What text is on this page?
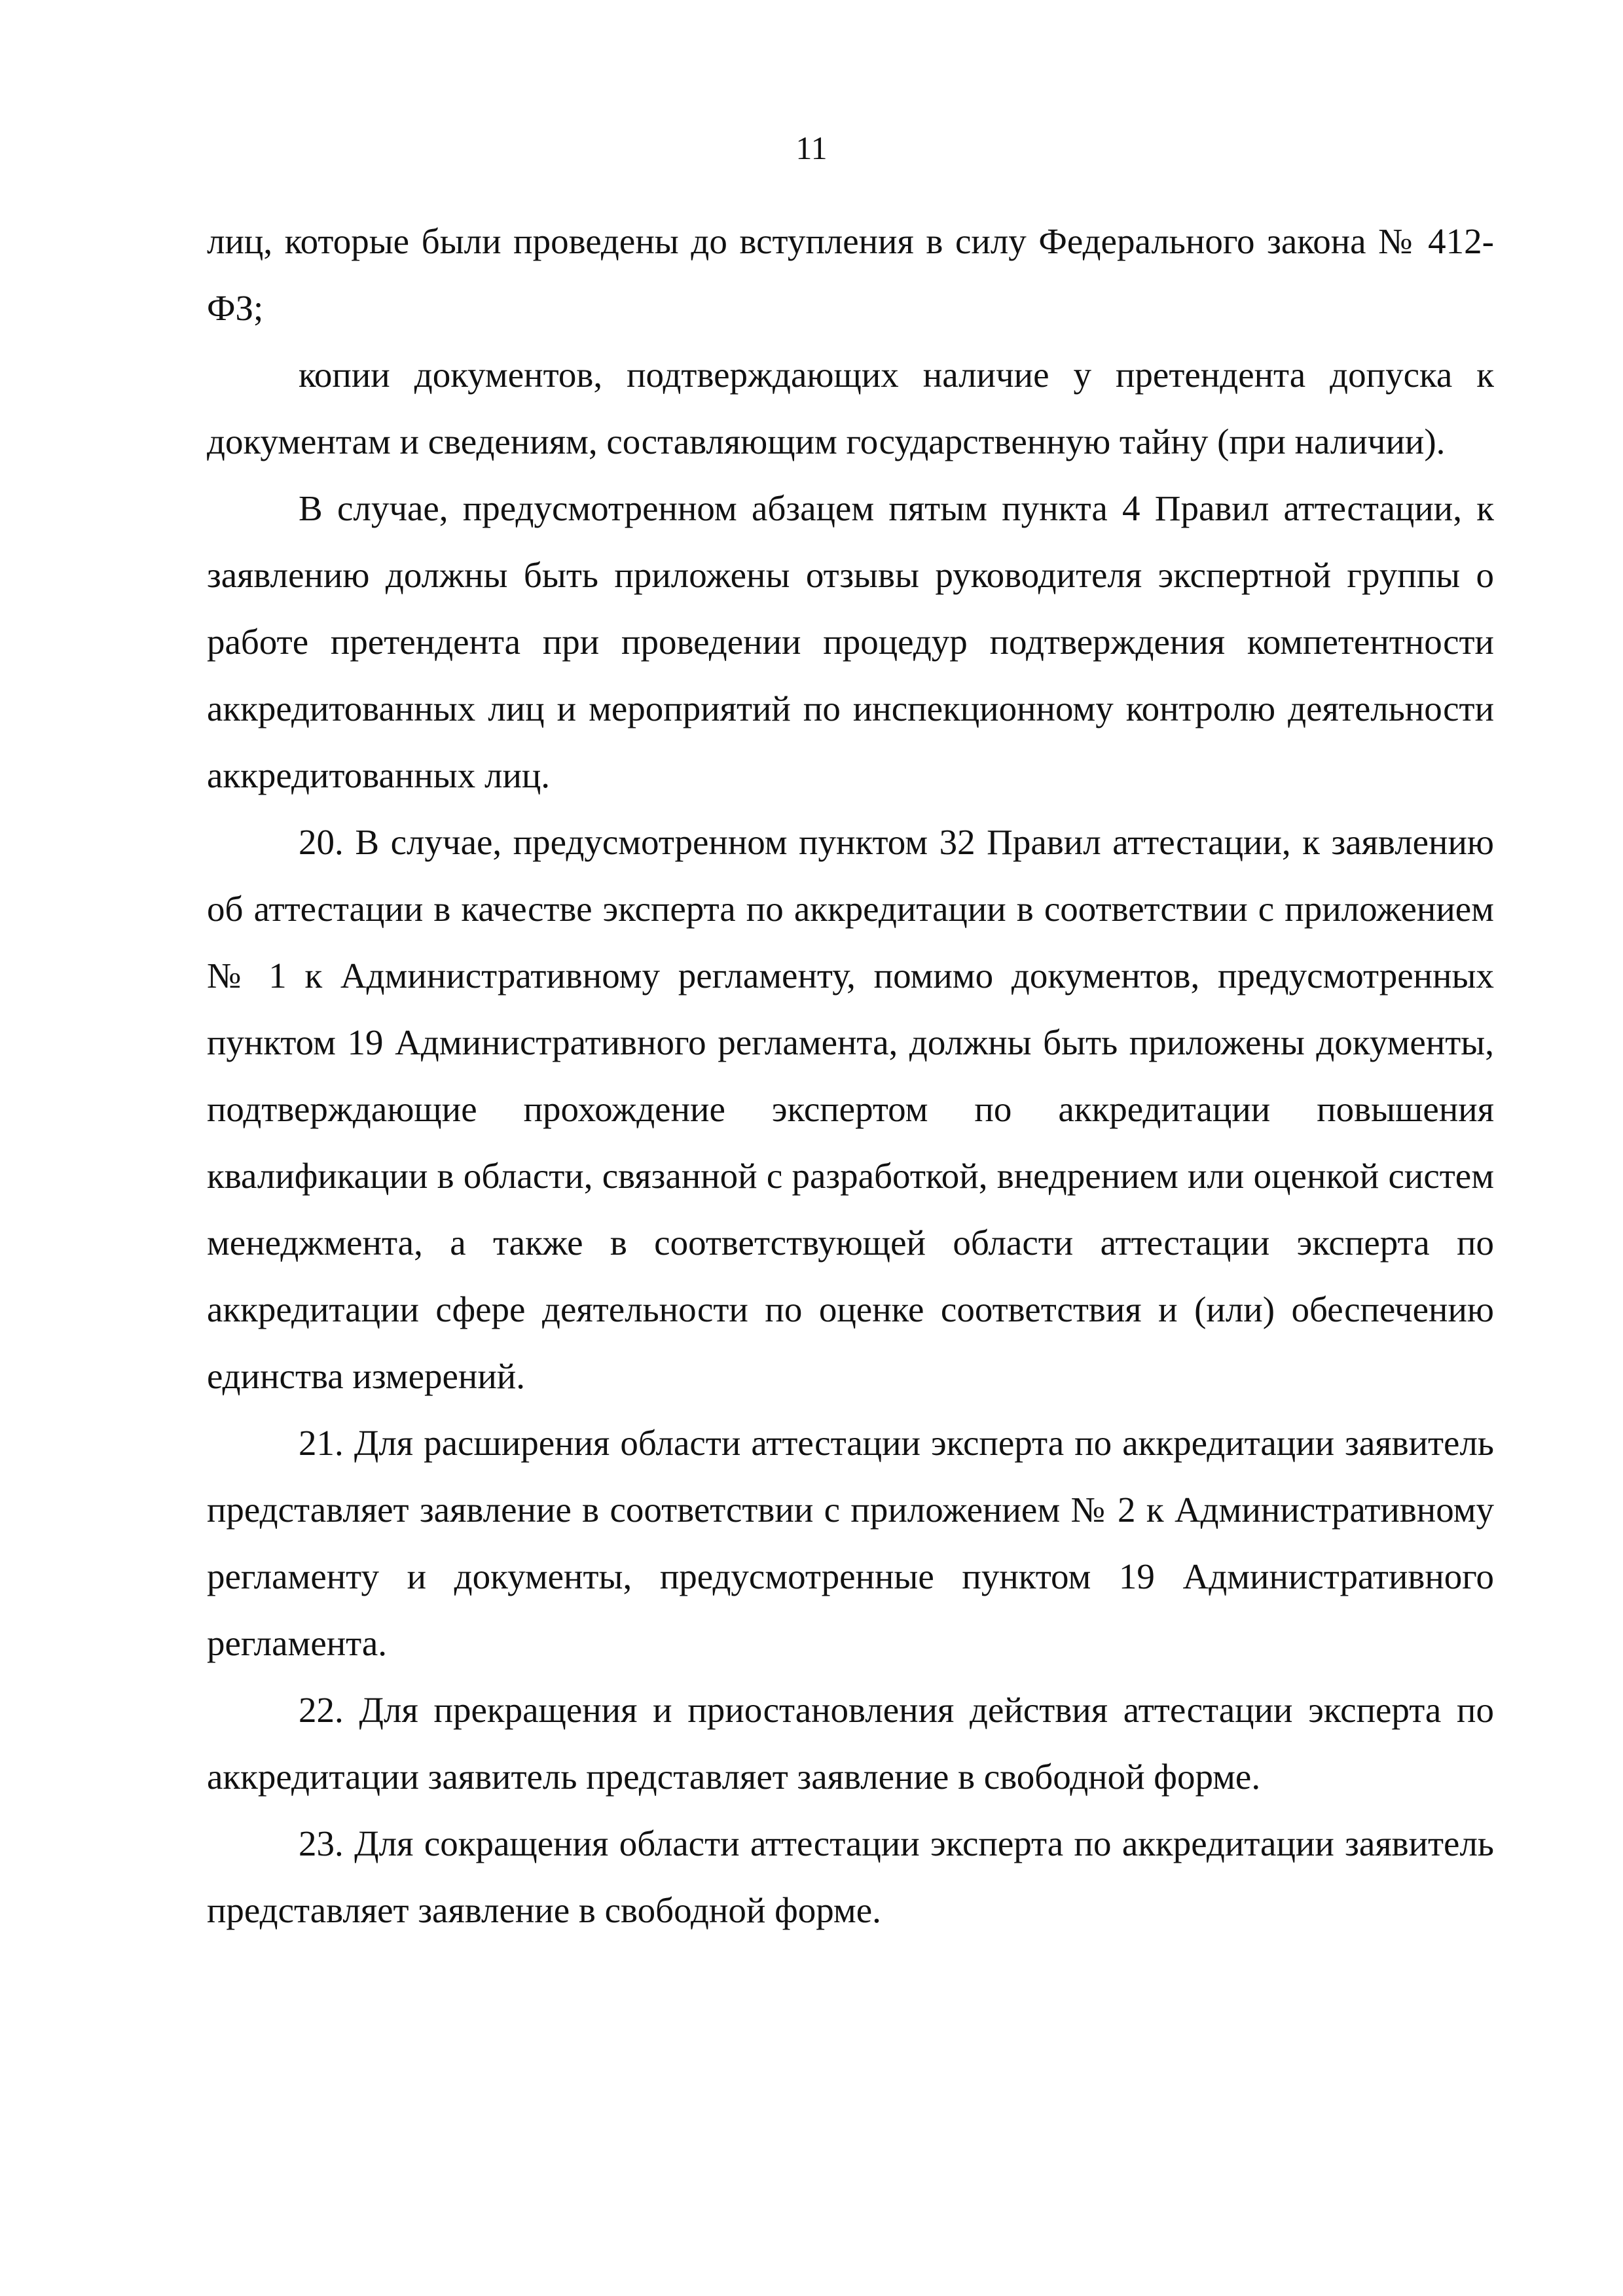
11

лиц, которые были проведены до вступления в силу Федерального закона № 412-ФЗ;

копии документов, подтверждающих наличие у претендента допуска к документам и сведениям, составляющим государственную тайну (при наличии).

В случае, предусмотренном абзацем пятым пункта 4 Правил аттестации, к заявлению должны быть приложены отзывы руководителя экспертной группы о работе претендента при проведении процедур подтверждения компетентности аккредитованных лиц и мероприятий по инспекционному контролю деятельности аккредитованных лиц.

20. В случае, предусмотренном пунктом 32 Правил аттестации, к заявлению об аттестации в качестве эксперта по аккредитации в соответствии с приложением № 1 к Административному регламенту, помимо документов, предусмотренных пунктом 19 Административного регламента, должны быть приложены документы, подтверждающие прохождение экспертом по аккредитации повышения квалификации в области, связанной с разработкой, внедрением или оценкой систем менеджмента, а также в соответствующей области аттестации эксперта по аккредитации сфере деятельности по оценке соответствия и (или) обеспечению единства измерений.

21. Для расширения области аттестации эксперта по аккредитации заявитель представляет заявление в соответствии с приложением № 2 к Административному регламенту и документы, предусмотренные пунктом 19 Административного регламента.

22. Для прекращения и приостановления действия аттестации эксперта по аккредитации заявитель представляет заявление в свободной форме.

23. Для сокращения области аттестации эксперта по аккредитации заявитель представляет заявление в свободной форме.
